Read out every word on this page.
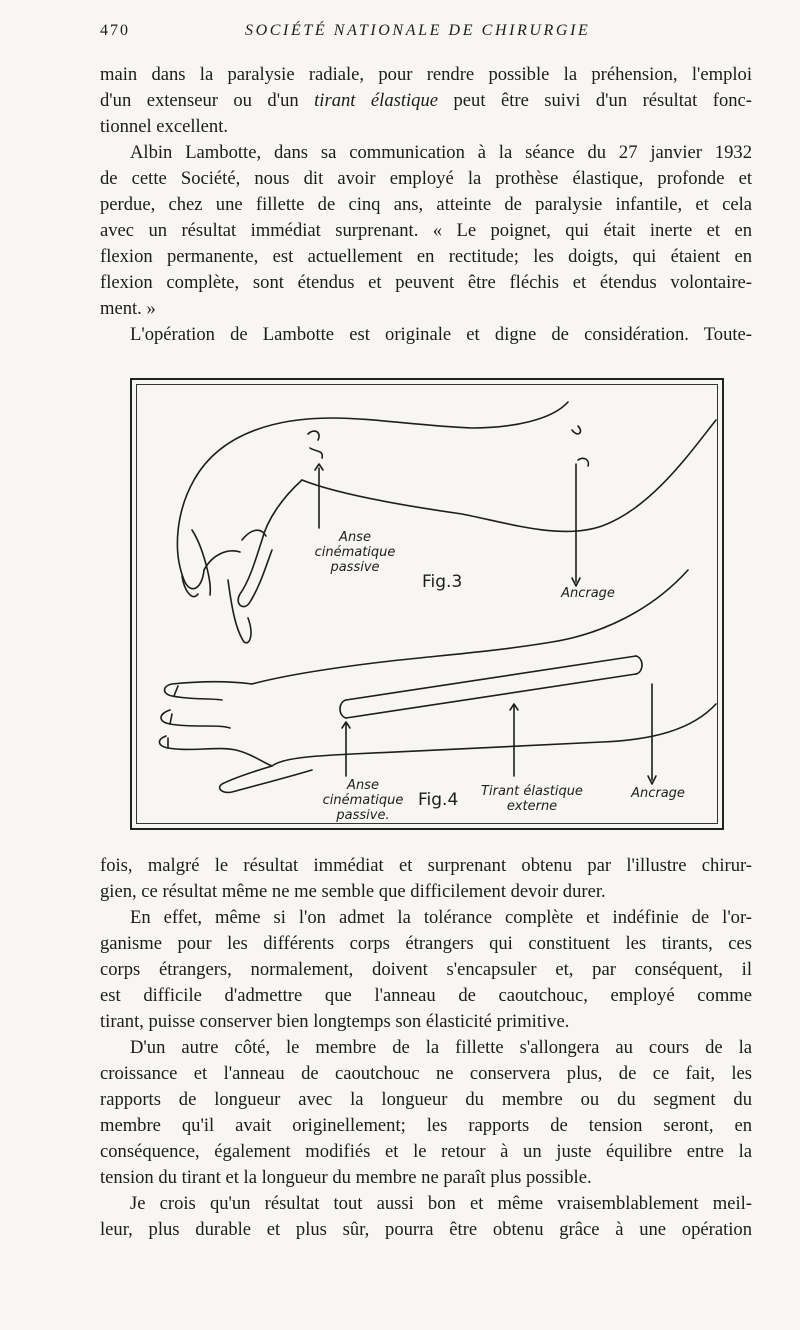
470	SOCIÉTÉ NATIONALE DE CHIRURGIE
main dans la paralysie radiale, pour rendre possible la préhension, l'emploi
d'un extenseur ou d'un tirant élastique peut être suivi d'un résultat fonc-
tionnel excellent.
Albin Lambotte, dans sa communication à la séance du 27 janvier 1932
de cette Société, nous dit avoir employé la prothèse élastique, profonde et
perdue, chez une fillette de cinq ans, atteinte de paralysie infantile, et cela
avec un résultat immédiat surprenant. « Le poignet, qui était inerte et en
flexion permanente, est actuellement en rectitude; les doigts, qui étaient en
flexion complète, sont étendus et peuvent être fléchis et étendus volontaire-
ment. »
L'opération de Lambotte est originale et digne de considération. Toute-
Anse cinématique
passive
Fig.3
Ancrage
Anse cinématique
passive.
Fig.4	Tirant élastique
externe
Ancrage
fois, malgré le résultat immédiat et surprenant obtenu par l'illustre chirur-
gien, ce résultat même ne me semble que difficilement devoir durer.
En effet, même si l'on admet la tolérance complète et indéfinie de l'or-
ganisme pour les différents corps étrangers qui constituent les tirants, ces
corps étrangers, normalement, doivent s'encapsuler et, par conséquent, il
est difficile d'admettre que l'anneau de caoutchouc, employé comme
tirant, puisse conserver bien longtemps son élasticité primitive.
D'un autre côté, le membre de la fillette s'allongera au cours de la
croissance et l'anneau de caoutchouc ne conservera plus, de ce fait, les
rapports de longueur avec la longueur du membre ou du segment du
membre qu'il avait originellement; les rapports de tension seront, en
conséquence, également modifiés et le retour à un juste équilibre entre la
tension du tirant et la longueur du membre ne paraît plus possible.
Je crois qu'un résultat tout aussi bon et même vraisemblablement meil-
leur, plus durable et plus sûr, pourra être obtenu grâce à une opération
